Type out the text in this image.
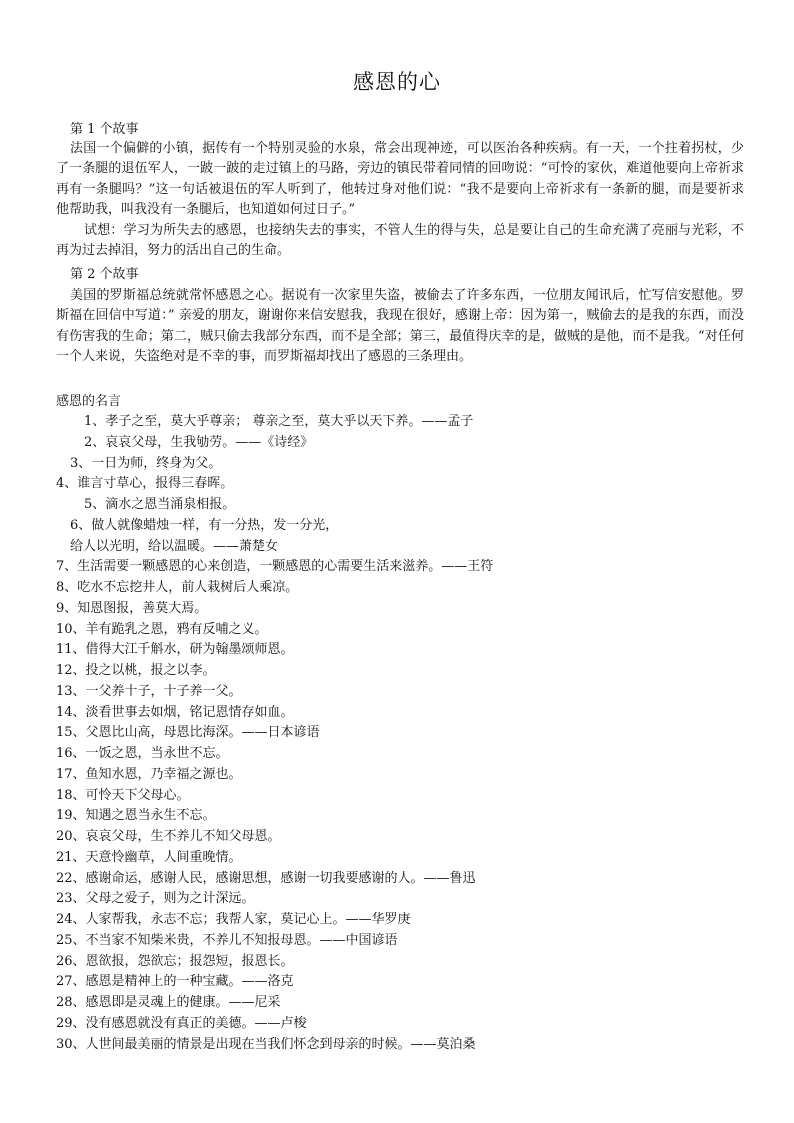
感恩的心
第 1 个故事
法国一个偏僻的小镇，据传有一个特别灵验的水泉，常会出现神迹，可以医治各种疾病。有一天，一个拄着拐杖，少了一条腿的退伍军人，一跛一跛的走过镇上的马路，旁边的镇民带着同情的回吻说：“可怜的家伙，难道他要向上帝祈求再有一条腿吗？”这一句话被退伍的军人听到了，他转过身对他们说：“我不是要向上帝祈求有一条新的腿，而是要祈求他帮助我，叫我没有一条腿后，也知道如何过日子。”
试想：学习为所失去的感恩，也接纳失去的事实，不管人生的得与失，总是要让自己的生命充满了亮丽与光彩，不再为过去掉泪，努力的活出自己的生命。
第 2 个故事
美国的罗斯福总统就常怀感恩之心。据说有一次家里失盗，被偷去了许多东西，一位朋友闻讯后，忙写信安慰他。罗斯福在回信中写道：” 亲爱的朋友，谢谢你来信安慰我，我现在很好，感谢上帝：因为第一，贼偷去的是我的东西，而没有伤害我的生命；第二，贼只偷去我部分东西，而不是全部；第三，最值得庆幸的是，做贼的是他，而不是我。“对任何一个人来说，失盗绝对是不幸的事，而罗斯福却找出了感恩的三条理由。
感恩的名言
1、孝子之至，莫大乎尊亲； 尊亲之至，莫大乎以天下养。——孟子
2、哀哀父母，生我劬劳。——《诗经》
3、一日为师，终身为父。
4、谁言寸草心，报得三春晖。
5、滴水之恩当涌泉相报。
6、做人就像蜡烛一样，有一分热，发一分光，
给人以光明，给以温暖。——萧楚女
7、生活需要一颗感恩的心来创造，一颗感恩的心需要生活来滋养。——王符
8、吃水不忘挖井人，前人栽树后人乘凉。
9、知恩图报，善莫大焉。
10、羊有跪乳之恩，鸦有反哺之义。
11、借得大江千斛水，研为翰墨颂师恩。
12、投之以桃，报之以李。
13、一父养十子，十子养一父。
14、淡看世事去如烟，铭记恩情存如血。
15、父恩比山高，母恩比海深。——日本谚语
16、一饭之恩，当永世不忘。
17、鱼知水恩，乃幸福之源也。
18、可怜天下父母心。
19、知遇之恩当永生不忘。
20、哀哀父母，生不养儿不知父母恩。
21、天意怜幽草，人间重晚情。
22、感谢命运，感谢人民，感谢思想，感谢一切我要感谢的人。——鲁迅
23、父母之爱子，则为之计深远。
24、人家帮我，永志不忘；我帮人家，莫记心上。——华罗庚
25、不当家不知柴米贵，不养儿不知报母恩。——中国谚语
26、恩欲报，怨欲忘；报怨短，报恩长。
27、感恩是精神上的一种宝藏。——洛克
28、感恩即是灵魂上的健康。——尼采
29、没有感恩就没有真正的美德。——卢梭
30、人世间最美丽的情景是出现在当我们怀念到母亲的时候。——莫泊桑
